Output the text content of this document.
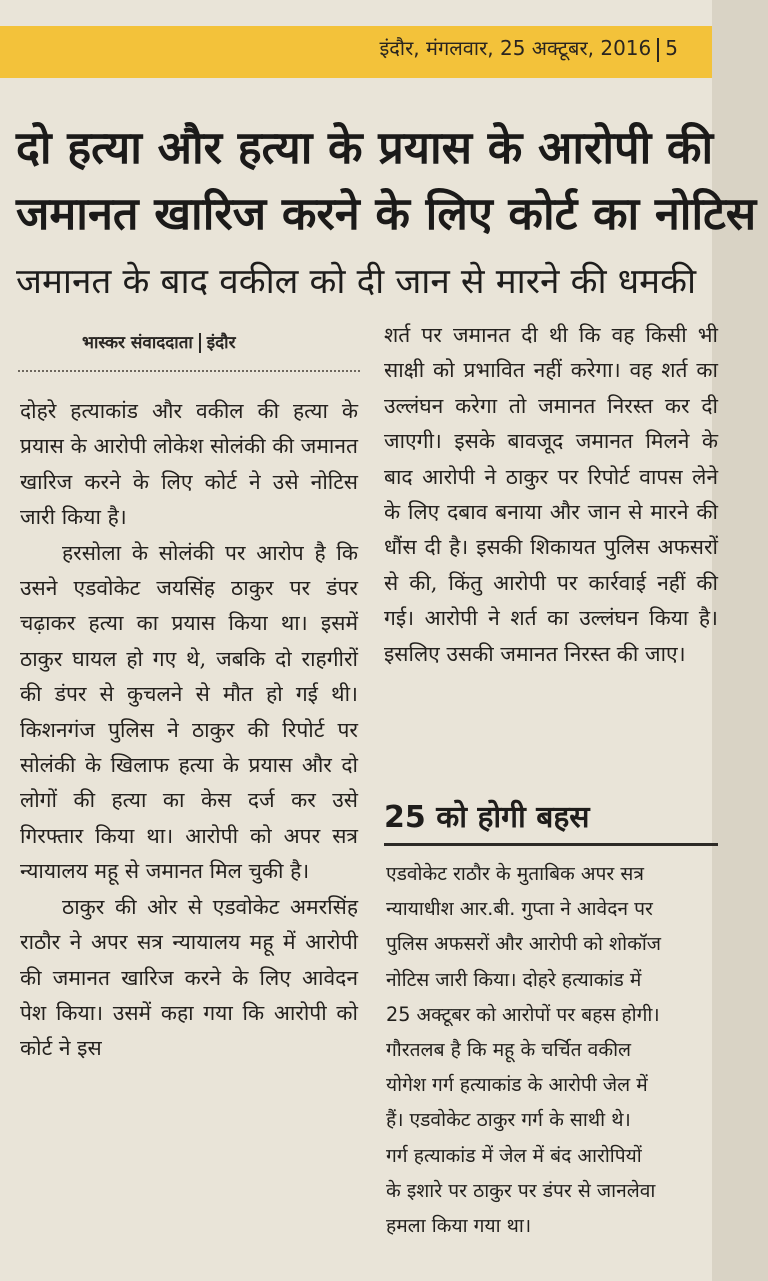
इंदौर, मंगलवार, 25 अक्टूबर, 2016 5
दो हत्या और हत्या के प्रयास के आरोपी की
जमानत खारिज करने के लिए कोर्ट का नोटिस
जमानत के बाद वकील को दी जान से मारने की धमकी
भास्कर संवाददाता इंदौर

दोहरे हत्याकांड और वकील की हत्या के प्रयास के आरोपी लोकेश सोलंकी की जमानत खारिज करने के लिए कोर्ट ने उसे नोटिस जारी किया है।

हरसोला के सोलंकी पर आरोप है कि उसने एडवोकेट जयसिंह ठाकुर पर डंपर चढ़ाकर हत्या का प्रयास किया था। इसमें ठाकुर घायल हो गए थे, जबकि दो राहगीरों की डंपर से कुचलने से मौत हो गई थी। किशनगंज पुलिस ने ठाकुर की रिपोर्ट पर सोलंकी के खिलाफ हत्या के प्रयास और दो लोगों की हत्या का केस दर्ज कर उसे गिरफ्तार किया था। आरोपी को अपर सत्र न्यायालय महू से जमानत मिल चुकी है।

ठाकुर की ओर से एडवोकेट अमरसिंह राठौर ने अपर सत्र न्यायालय महू में आरोपी की जमानत खारिज करने के लिए आवेदन पेश किया। उसमें कहा गया कि आरोपी को कोर्ट ने इस

शर्त पर जमानत दी थी कि वह किसी भी साक्षी को प्रभावित नहीं करेगा। वह शर्त का उल्लंघन करेगा तो जमानत निरस्त कर दी जाएगी। इसके बावजूद जमानत मिलने के बाद आरोपी ने ठाकुर पर रिपोर्ट वापस लेने के लिए दबाव बनाया और जान से मारने की धौंस दी है। इसकी शिकायत पुलिस अफसरों से की, किंतु आरोपी पर कार्रवाई नहीं की गई। आरोपी ने शर्त का उल्लंघन किया है। इसलिए उसकी जमानत निरस्त की जाए।

25 को होगी बहस

एडवोकेट राठौर के मुताबिक अपर सत्र

न्यायाधीश आर.बी. गुप्ता ने आवेदन पर

पुलिस अफसरों और आरोपी को शोकॉज

नोटिस जारी किया। दोहरे हत्याकांड में

25 अक्टूबर को आरोपों पर बहस होगी।

गौरतलब है कि महू के चर्चित वकील

योगेश गर्ग हत्याकांड के आरोपी जेल में

हैं। एडवोकेट ठाकुर गर्ग के साथी थे।

गर्ग हत्याकांड में जेल में बंद आरोपियों

के इशारे पर ठाकुर पर डंपर से जानलेवा

हमला किया गया था।
